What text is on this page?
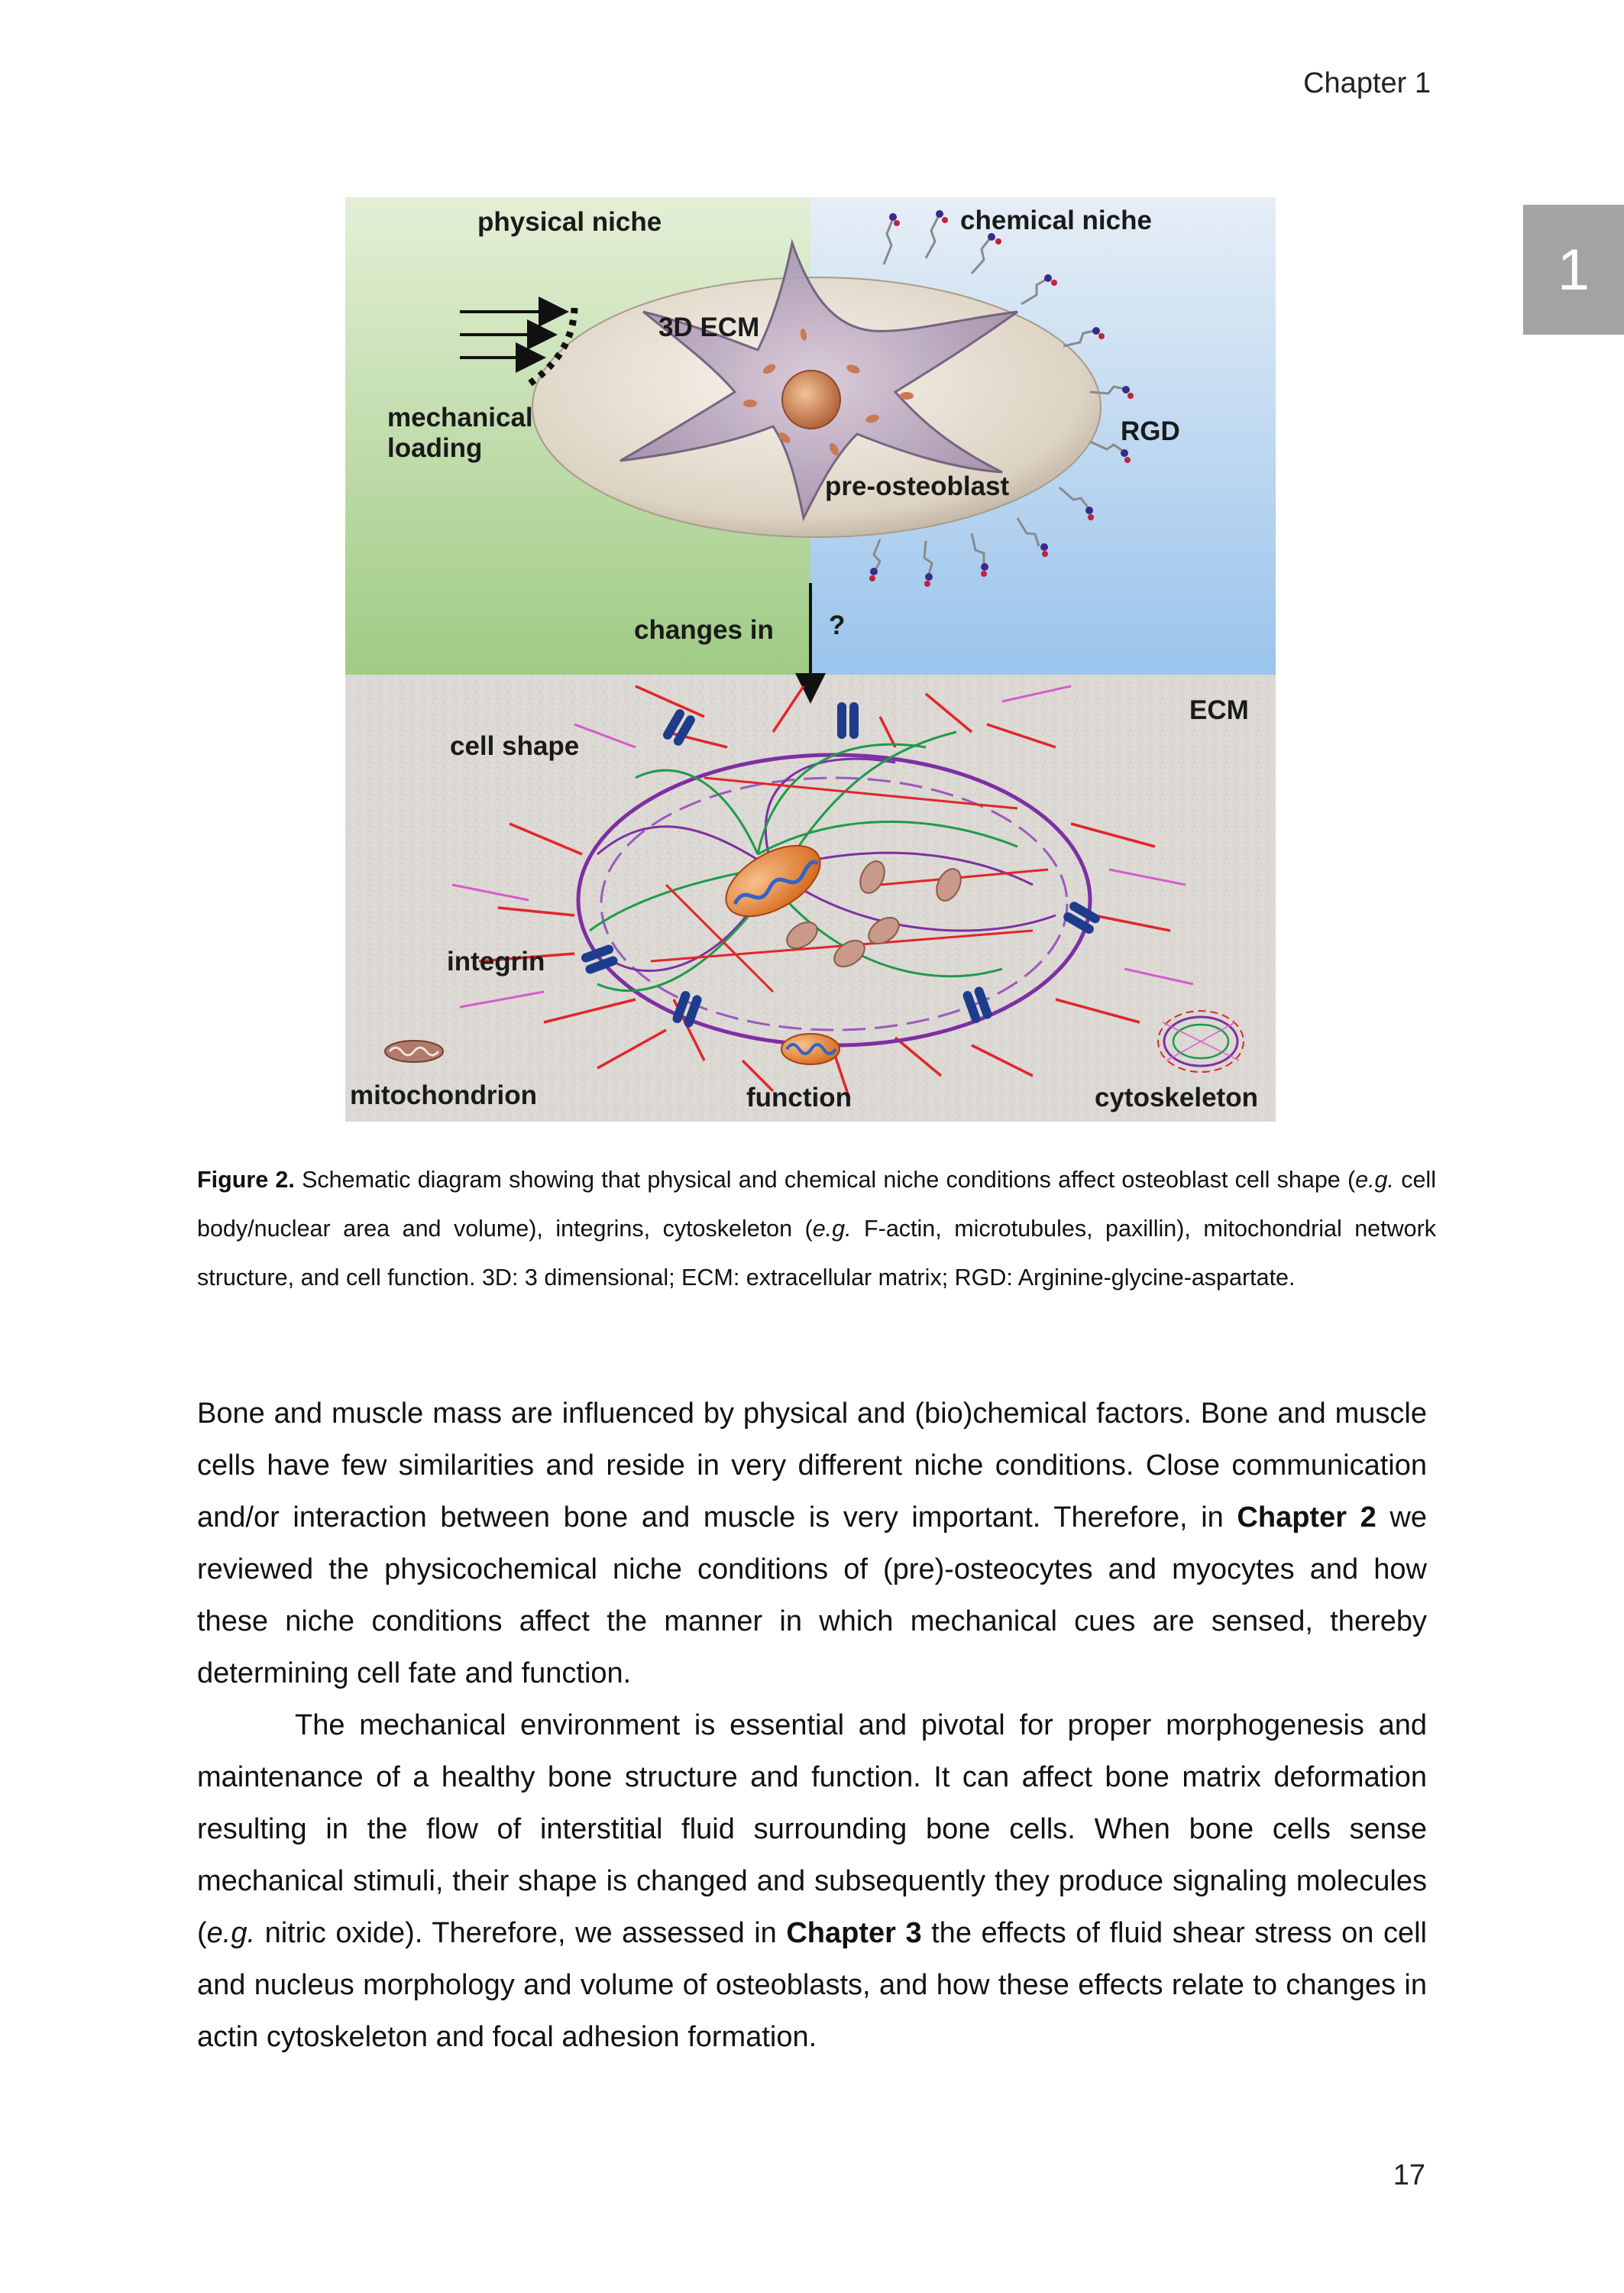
Chapter 1
1
physical niche	chemical niche
3D ECM
mechanical
loading
RGD
pre-osteoblast
changes in ?
ECM
cell shape
integrin
mitochondrion	function	cytoskeleton
Figure 2. Schematic diagram showing that physical and chemical niche conditions affect osteoblast cell shape (e.g. cell body/nuclear area and volume), integrins, cytoskeleton (e.g. F-actin, microtubules, paxillin), mitochondrial network structure, and cell function. 3D: 3 dimensional; ECM: extracellular matrix; RGD: Arginine-glycine-aspartate.

Bone and muscle mass are influenced by physical and (bio)chemical factors. Bone and muscle cells have few similarities and reside in very different niche conditions. Close communication and/or interaction between bone and muscle is very important. Therefore, in Chapter 2 we reviewed the physicochemical niche conditions of (pre)-osteocytes and myocytes and how these niche conditions affect the manner in which mechanical cues are sensed, thereby determining cell fate and function.

The mechanical environment is essential and pivotal for proper morphogenesis and maintenance of a healthy bone structure and function. It can affect bone matrix deformation resulting in the flow of interstitial fluid surrounding bone cells. When bone cells sense mechanical stimuli, their shape is changed and subsequently they produce signaling molecules (e.g. nitric oxide). Therefore, we assessed in Chapter 3 the effects of fluid shear stress on cell and nucleus morphology and volume of osteoblasts, and how these effects relate to changes in actin cytoskeleton and focal adhesion formation.

17
